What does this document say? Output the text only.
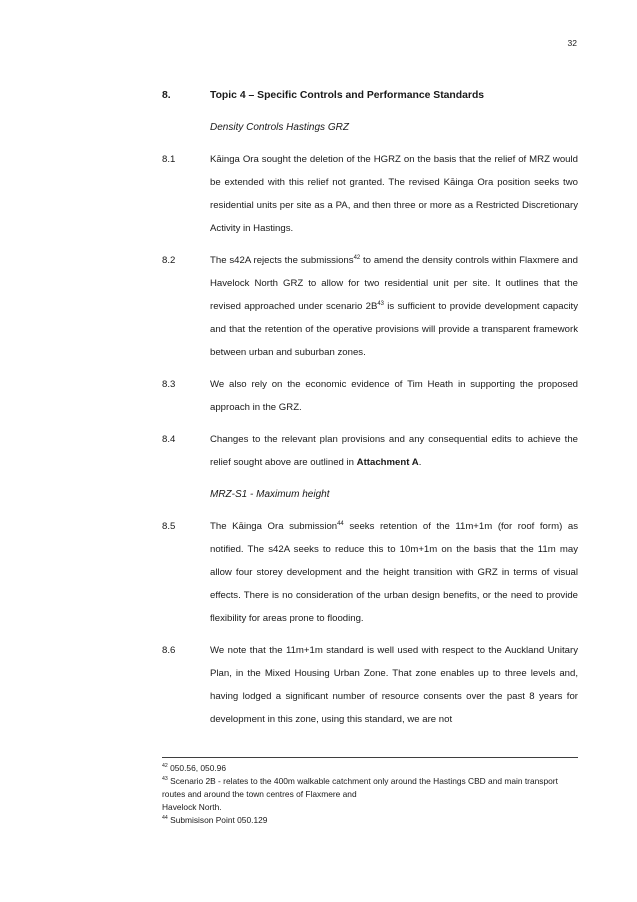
32
8.	Topic 4 – Specific Controls and Performance Standards
Density Controls Hastings GRZ
8.1	Kāinga Ora sought the deletion of the HGRZ on the basis that the relief of MRZ would be extended with this relief not granted. The revised Kāinga Ora position seeks two residential units per site as a PA, and then three or more as a Restricted Discretionary Activity in Hastings.
8.2	The s42A rejects the submissions$^{42}$ to amend the density controls within Flaxmere and Havelock North GRZ to allow for two residential unit per site. It outlines that the revised approached under scenario $2B^{43}$ is sufficient to provide development capacity and that the retention of the operative provisions will provide a transparent framework between urban and suburban zones.
8.3	We also rely on the economic evidence of Tim Heath in supporting the proposed approach in the GRZ.
8.4	Changes to the relevant plan provisions and any consequential edits to achieve the relief sought above are outlined in Attachment A.
MRZ-S1 - Maximum height
8.5	The Kāinga Ora submission$^{44}$ seeks retention of the 11m+1m (for roof form) as notified. The s42A seeks to reduce this to 10m+1m on the basis that the 11m may allow four storey development and the height transition with GRZ in terms of visual effects. There is no consideration of the urban design benefits, or the need to provide flexibility for areas prone to flooding.
8.6	We note that the 11m+1m standard is well used with respect to the Auckland Unitary Plan, in the Mixed Housing Urban Zone. That zone enables up to three levels and, having lodged a significant number of resource consents over the past 8 years for development in this zone, using this standard, we are not
$^{42}$ 050.56, 050.96
$^{43}$ Scenario 2B - relates to the 400m walkable catchment only around the Hastings CBD and main transport routes and around the town centres of Flaxmere and
Havelock North.
$^{44}$ Submisison Point 050.129
